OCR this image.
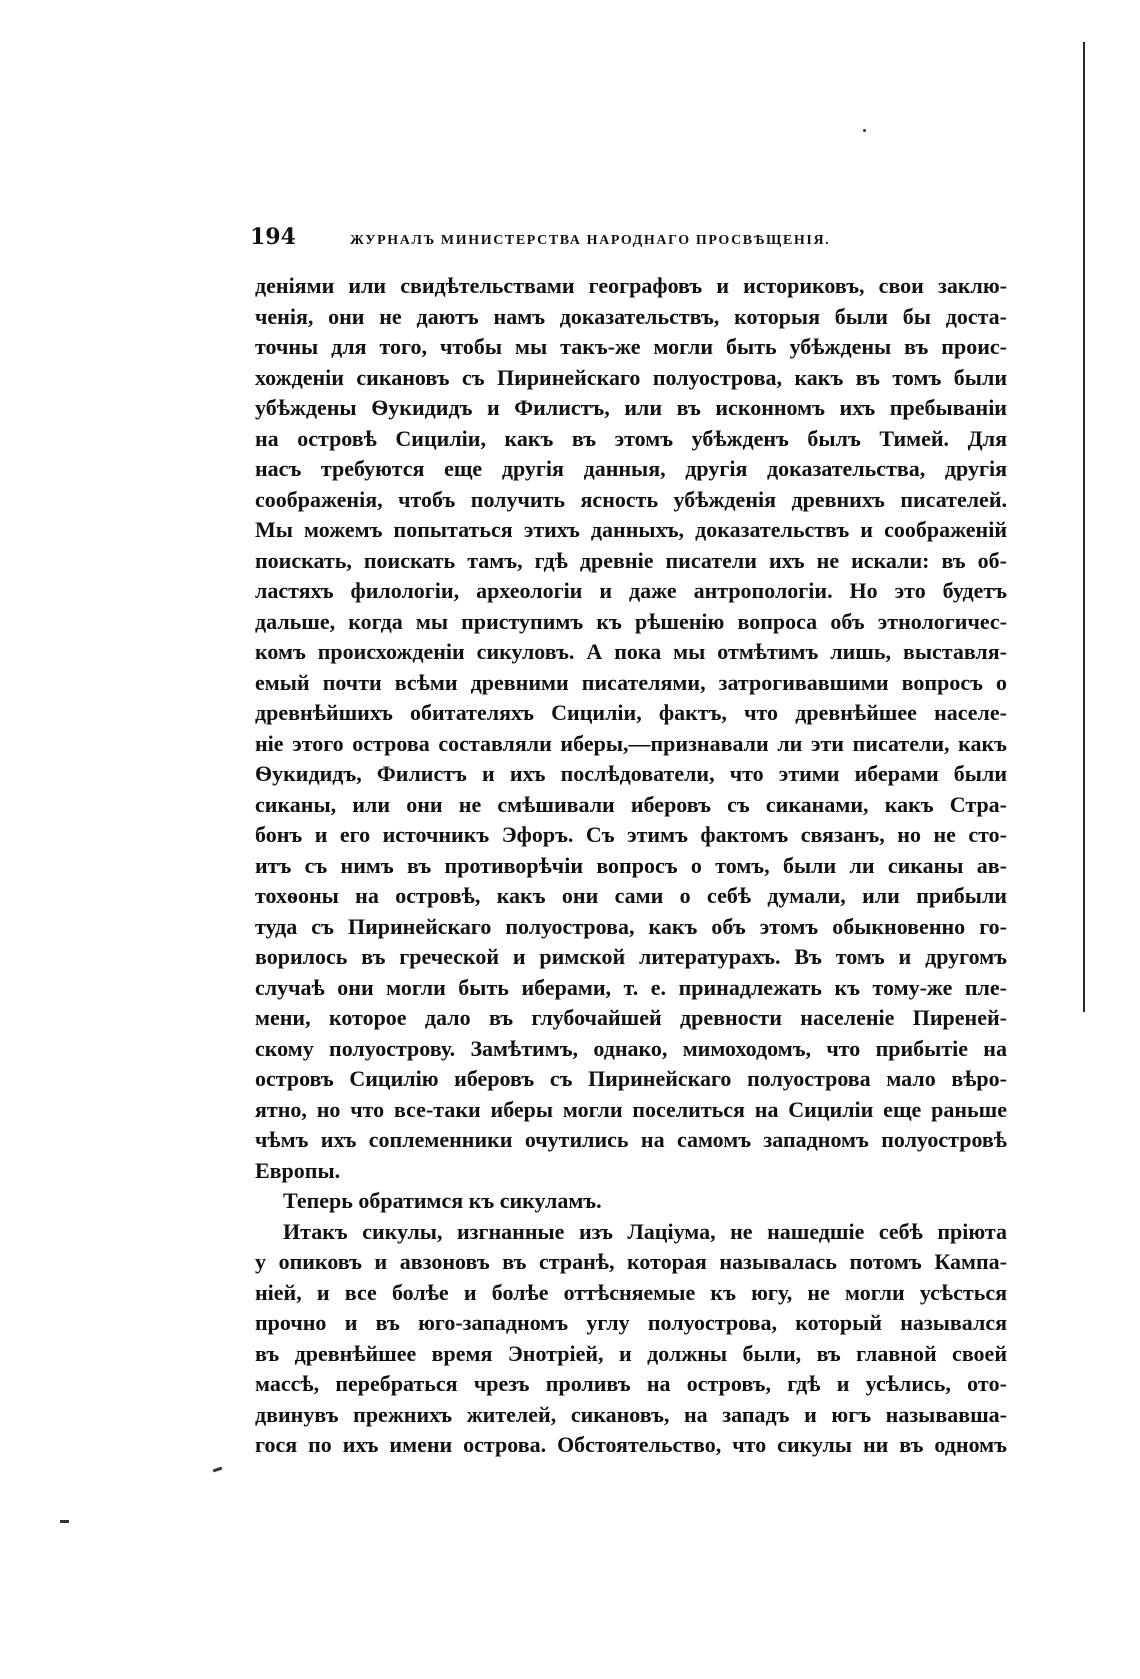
194	ЖУРНАЛЪ МИНИСТЕРСТВА НАРОДНАГО ПРОСВѢЩЕНІЯ.
деніями или свидѣтельствами географовъ и историковъ, свои заклю-
ченія, они не даютъ намъ доказательствъ, которыя были бы доста-
точны для того, чтобы мы такъ-же могли быть убѣждены въ проис-
хожденіи сикановъ съ Пиринейскаго полуострова, какъ въ томъ были
убѣждены Ѳукидидъ и Филистъ, или въ исконномъ ихъ пребываніи
на островѣ Сициліи, какъ въ этомъ убѣжденъ былъ Тимей. Для
насъ требуются еще другія данныя, другія доказательства, другія
соображенія, чтобъ получить ясность убѣжденія древнихъ писателей.
Мы можемъ попытаться этихъ данныхъ, доказательствъ и соображеній
поискать, поискать тамъ, гдѣ древніе писатели ихъ не искали: въ об-
ластяхъ филологіи, археологіи и даже антропологіи. Но это будетъ
дальше, когда мы приступимъ къ рѣшенію вопроса объ этнологичес-
комъ происхожденіи сикуловъ. А пока мы отмѣтимъ лишь, выставля-
емый почти всѣми древними писателями, затрогивавшими вопросъ о
древнѣйшихъ обитателяхъ Сициліи, фактъ, что древнѣйшее населе-
ніе этого острова составляли иберы,—признавали ли эти писатели, какъ
Ѳукидидъ, Филистъ и ихъ послѣдователи, что этими иберами были
сиканы, или они не смѣшивали иберовъ съ сиканами, какъ Стра-
бонъ и его источникъ Эфоръ. Съ этимъ фактомъ связанъ, но не сто-
итъ съ нимъ въ противорѣчіи вопросъ о томъ, были ли сиканы ав-
тохѳоны на островѣ, какъ они сами о себѣ думали, или прибыли
туда съ Пиринейскаго полуострова, какъ объ этомъ обыкновенно го-
ворилось въ греческой и римской литературахъ. Въ томъ и другомъ
случаѣ они могли быть иберами, т. е. принадлежать къ тому-же пле-
мени, которое дало въ глубочайшей древности населеніе Пиреней-
скому полуострову. Замѣтимъ, однако, мимоходомъ, что прибытіе на
островъ Сицилію иберовъ съ Пиринейскаго полуострова мало вѣро-
ятно, но что все-таки иберы могли поселиться на Сициліи еще раньше
чѣмъ ихъ соплеменники очутились на самомъ западномъ полуостровѣ
Европы.
Теперь обратимся къ сикуламъ.
Итакъ сикулы, изгнанные изъ Лаціума, не нашедшіе себѣ пріюта
у опиковъ и авзоновъ въ странѣ, которая называлась потомъ Кампа-
ніей, и все болѣе и болѣе оттѣсняемые къ югу, не могли усѣсться
прочно и въ юго-западномъ углу полуострова, который назывался
въ древнѣйшее время Энотріей, и должны были, въ главной своей
массѣ, перебраться чрезъ проливъ на островъ, гдѣ и усѣлись, отo-
двинувъ прежнихъ жителей, сикановъ, на западъ и югъ называвша-
гося по ихъ имени острова. Обстоятельство, что сикулы ни въ одномъ
